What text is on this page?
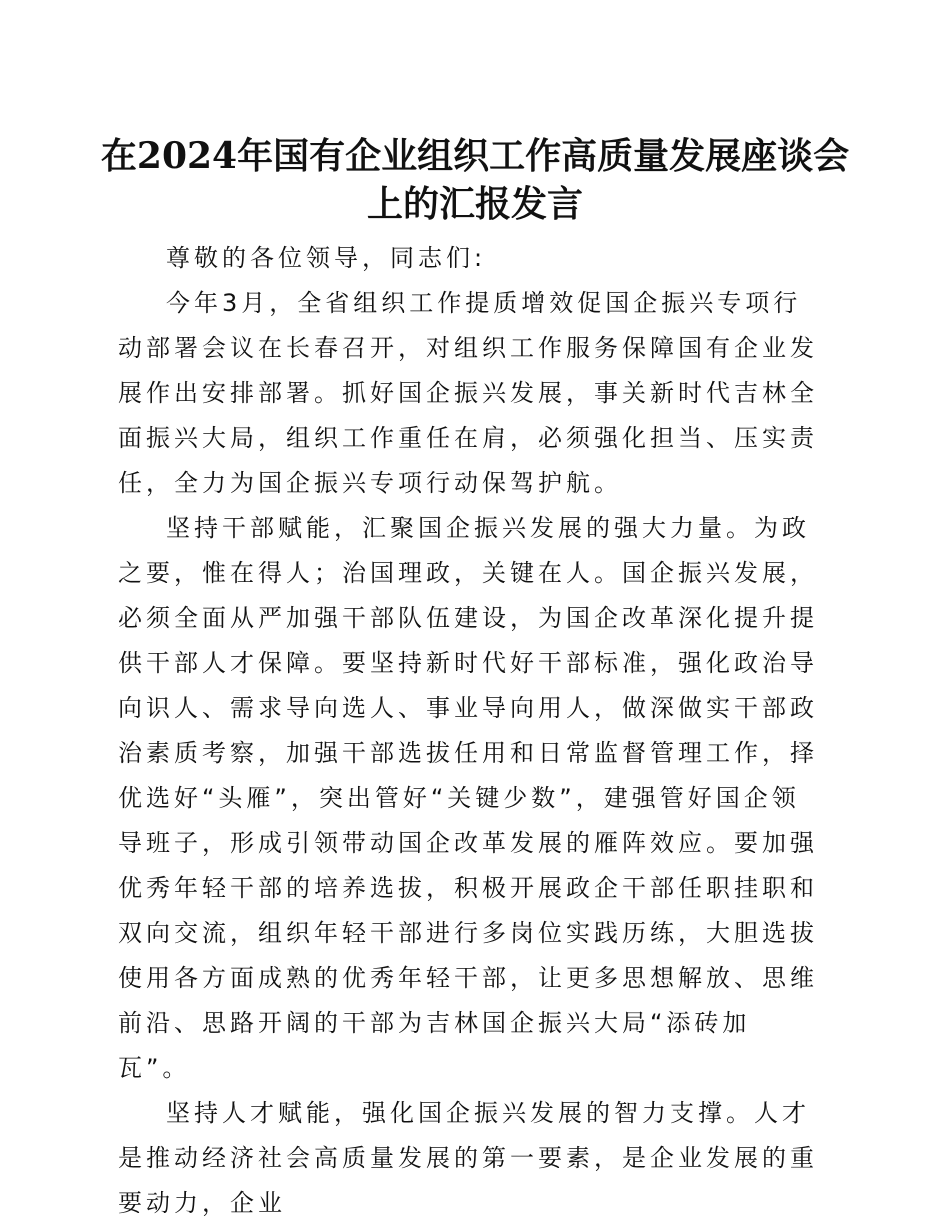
在2024年国有企业组织工作高质量发展座谈会
上的汇报发言

尊敬的各位领导，同志们:

今年3月，全省组织工作提质增效促国企振兴专项行动部署会议在长春召开，对组织工作服务保障国有企业发展作出安排部署。抓好国企振兴发展，事关新时代吉林全面振兴大局，组织工作重任在肩，必须强化担当、压实责任，全力为国企振兴专项行动保驾护航。

坚持干部赋能，汇聚国企振兴发展的强大力量。为政之要，惟在得人；治国理政，关键在人。国企振兴发展，必须全面从严加强干部队伍建设，为国企改革深化提升提供干部人才保障。要坚持新时代好干部标准，强化政治导向识人、需求导向选人、事业导向用人，做深做实干部政治素质考察，加强干部选拔任用和日常监督管理工作，择优选好“头雁”，突出管好“关键少数”，建强管好国企领导班子，形成引领带动国企改革发展的雁阵效应。要加强优秀年轻干部的培养选拔，积极开展政企干部任职挂职和双向交流，组织年轻干部进行多岗位实践历练，大胆选拔使用各方面成熟的优秀年轻干部，让更多思想解放、思维前沿、思路开阔的干部为吉林国企振兴大局“添砖加瓦”。

坚持人才赋能，强化国企振兴发展的智力支撑。人才是推动经济社会高质量发展的第一要素，是企业发展的重要动力，企业
